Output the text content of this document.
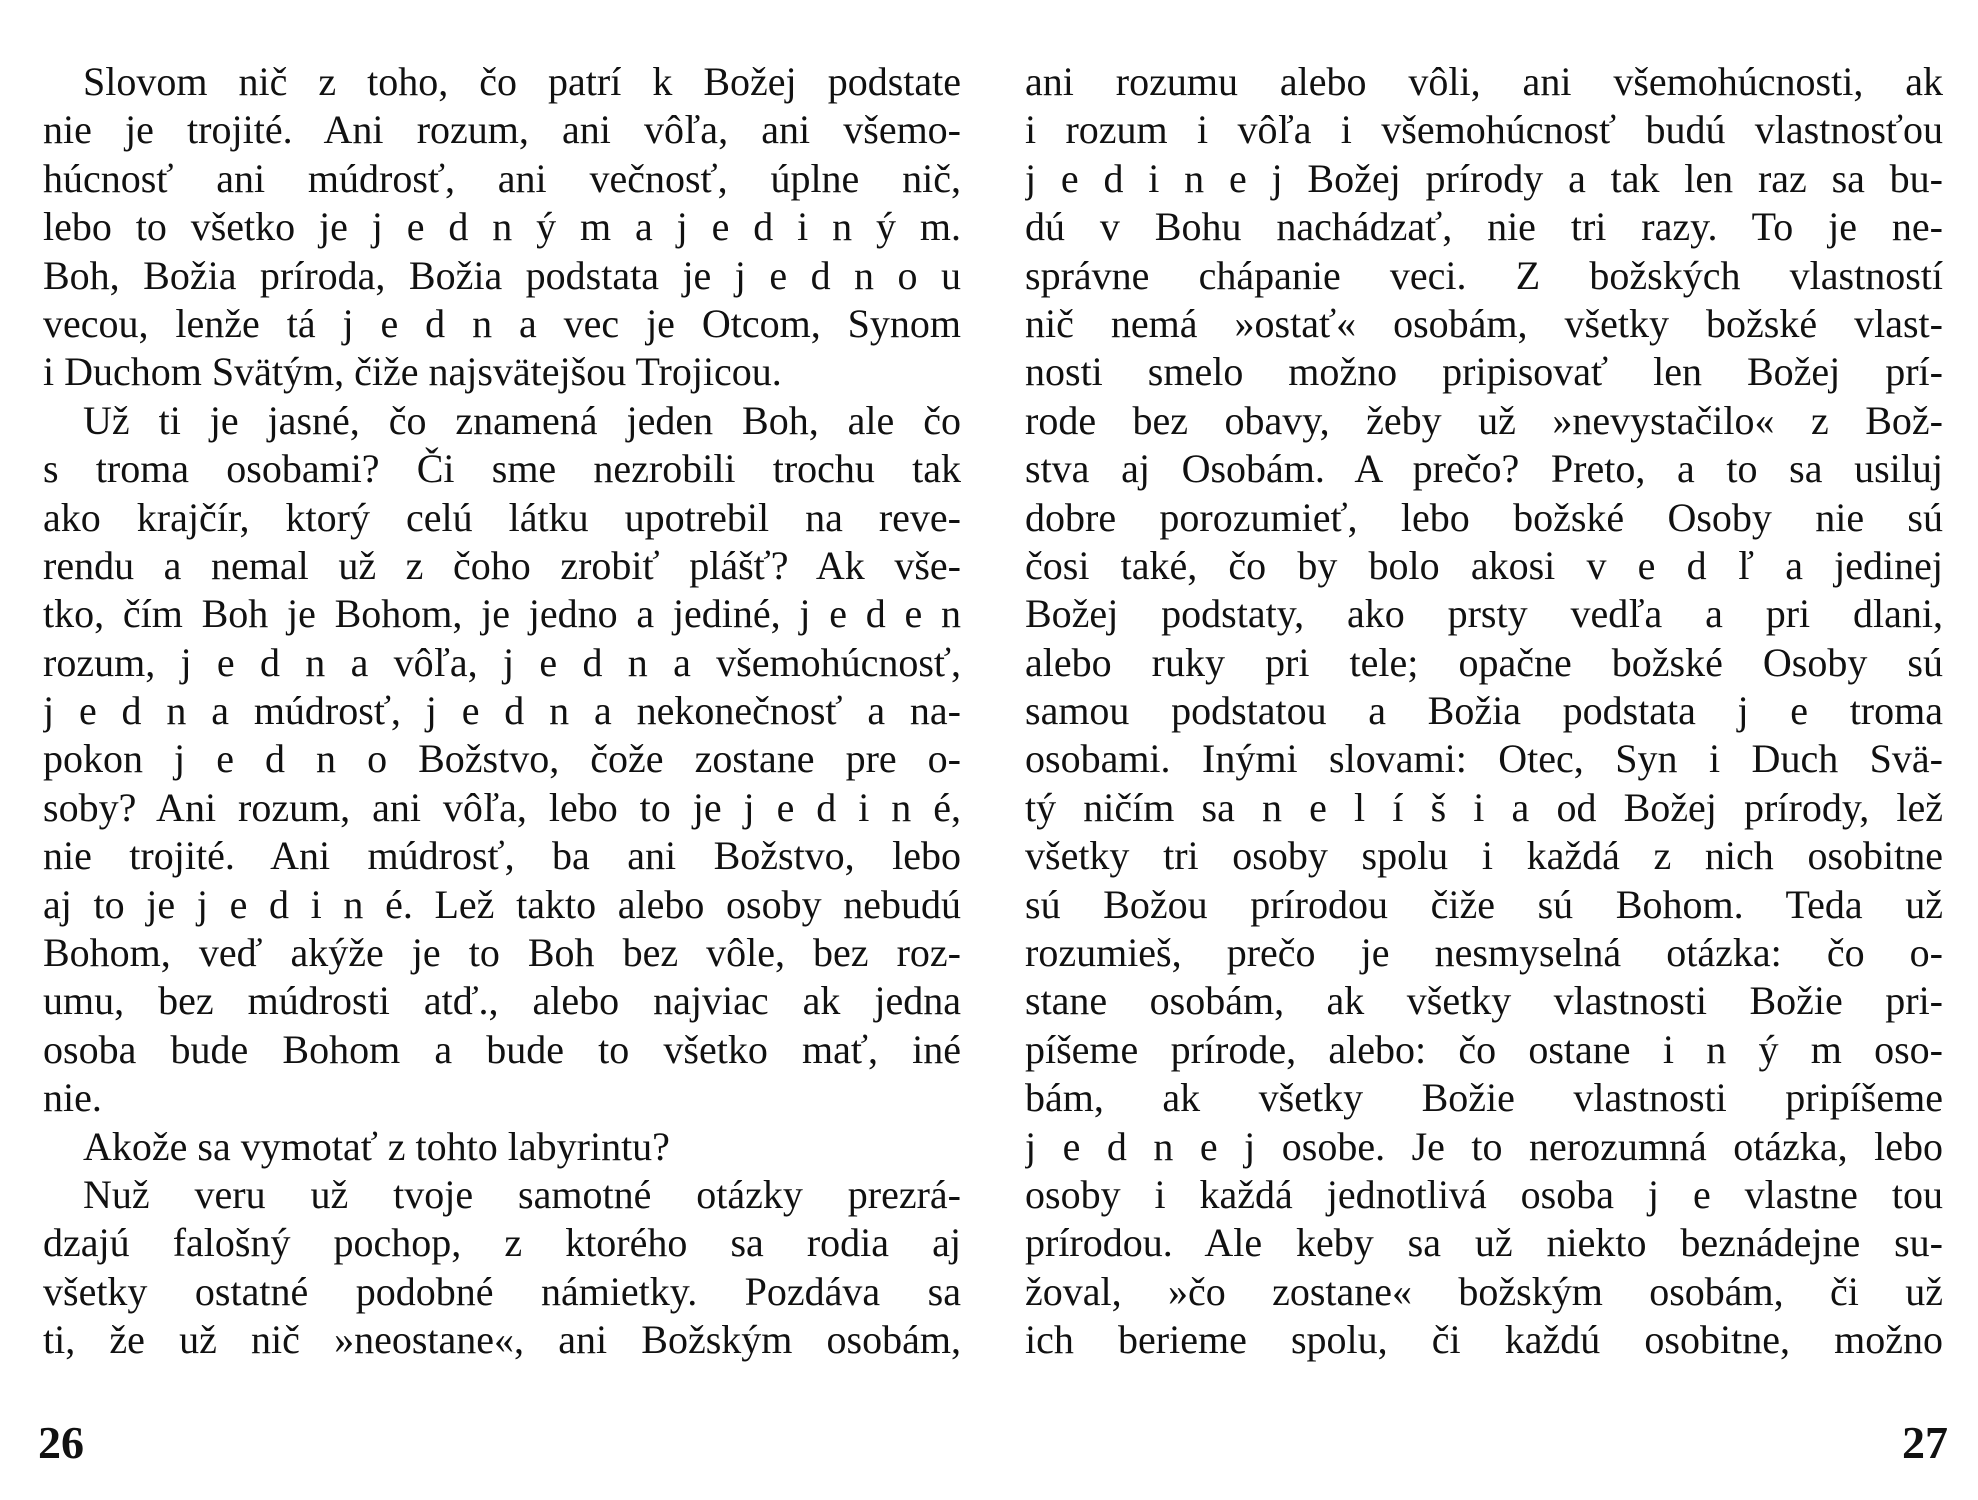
Slovom nič z toho, čo patrí k Božej podstate
nie je trojité. Ani rozum, ani vôľa, ani všemo-
húcnosť ani múdrosť, ani večnosť, úplne nič,
lebo to všetko je j e d n ý m a j e d i n ý m.
Boh, Božia príroda, Božia podstata je j e d n o u
vecou, lenže tá j e d n a vec je Otcom, Synom
i Duchom Svätým, čiže najsvätejšou Trojicou.
Už ti je jasné, čo znamená jeden Boh, ale čo
s troma osobami? Či sme nezrobili trochu tak
ako krajčír, ktorý celú látku upotrebil na reve-
rendu a nemal už z čoho zrobiť plášť? Ak vše-
tko, čím Boh je Bohom, je jedno a jediné, j e d e n
rozum, j e d n a vôľa, j e d n a všemohúcnosť,
j e d n a múdrosť, j e d n a nekonečnosť a na-
pokon j e d n o Božstvo, čože zostane pre o-
soby? Ani rozum, ani vôľa, lebo to je j e d i n é,
nie trojité. Ani múdrosť, ba ani Božstvo, lebo
aj to je j e d i n é. Lež takto alebo osoby nebudú
Bohom, veď akýže je to Boh bez vôle, bez roz-
umu, bez múdrosti atď., alebo najviac ak jedna
osoba bude Bohom a bude to všetko mať, iné
nie.
Akože sa vymotať z tohto labyrintu?
Nuž veru už tvoje samotné otázky prezrá-
dzajú falošný pochop, z ktorého sa rodia aj
všetky ostatné podobné námietky. Pozdáva sa
ti, že už nič »neostane«, ani Božským osobám,
26
ani rozumu alebo vôli, ani všemohúcnosti, ak
i rozum i vôľa i všemohúcnosť budú vlastnosťou
j e d i n e j Božej prírody a tak len raz sa bu-
dú v Bohu nachádzať, nie tri razy. To je ne-
správne chápanie veci. Z božských vlastností
nič nemá »ostať« osobám, všetky božské vlast-
nosti smelo možno pripisovať len Božej prí-
rode bez obavy, žeby už »nevystačilo« z Bož-
stva aj Osobám. A prečo? Preto, a to sa usiluj
dobre porozumieť, lebo božské Osoby nie sú
čosi také, čo by bolo akosi v e d ľ a jedinej
Božej podstaty, ako prsty vedľa a pri dlani,
alebo ruky pri tele; opačne božské Osoby sú
samou podstatou a Božia podstata j e troma
osobami. Inými slovami: Otec, Syn i Duch Svä-
tý ničím sa n e l í š i a od Božej prírody, lež
všetky tri osoby spolu i každá z nich osobitne
sú Božou prírodou čiže sú Bohom. Teda už
rozumieš, prečo je nesmyselná otázka: čo o-
stane osobám, ak všetky vlastnosti Božie pri-
píšeme prírode, alebo: čo ostane i n ý m oso-
bám, ak všetky Božie vlastnosti pripíšeme
j e d n e j osobe. Je to nerozumná otázka, lebo
osoby i každá jednotlivá osoba j e vlastne tou
prírodou. Ale keby sa už niekto beznádejne su-
žoval, »čo zostane« božským osobám, či už
ich berieme spolu, či každú osobitne, možno
27
